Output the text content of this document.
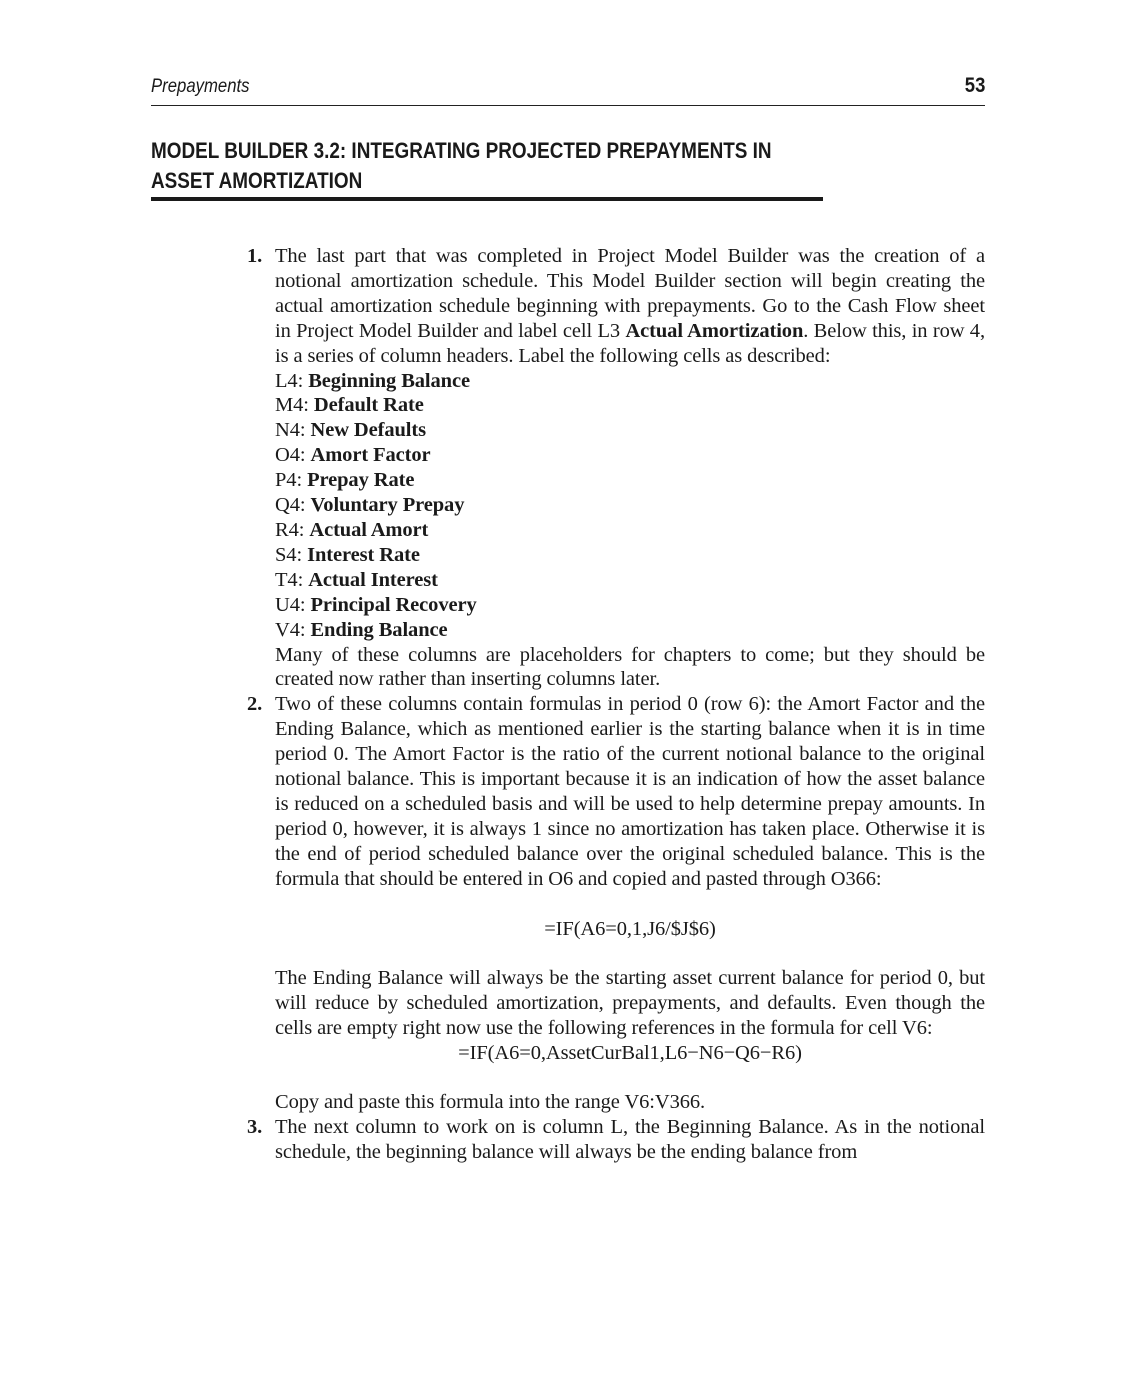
Prepayments	53
MODEL BUILDER 3.2: INTEGRATING PROJECTED PREPAYMENTS IN
ASSET AMORTIZATION
1. The last part that was completed in Project Model Builder was the creation of a notional amortization schedule. This Model Builder section will begin creating the actual amortization schedule beginning with prepayments. Go to the Cash Flow sheet in Project Model Builder and label cell L3 Actual Amortization. Below this, in row 4, is a series of column headers. Label the following cells as described:

L4: Beginning Balance

M4: Default Rate

N4: New Defaults

O4: Amort Factor

P4: Prepay Rate

Q4: Voluntary Prepay

R4: Actual Amort

S4: Interest Rate

T4: Actual Interest

U4: Principal Recovery

V4: Ending Balance

Many of these columns are placeholders for chapters to come; but they should be created now rather than inserting columns later.

2. Two of these columns contain formulas in period 0 (row 6): the Amort Factor and the Ending Balance, which as mentioned earlier is the starting balance when it is in time period 0. The Amort Factor is the ratio of the current notional balance to the original notional balance. This is important because it is an indication of how the asset balance is reduced on a scheduled basis and will be used to help determine prepay amounts. In period 0, however, it is always 1 since no amortization has taken place. Otherwise it is the end of period scheduled balance over the original scheduled balance. This is the formula that should be entered in O6 and copied and pasted through O366:

=IF(A6=0,1,J6/$J$6)

The Ending Balance will always be the starting asset current balance for period 0, but will reduce by scheduled amortization, prepayments, and defaults. Even though the cells are empty right now use the following references in the formula for cell V6:

=IF(A6=0,AssetCurBal1,L6−N6−Q6−R6)

Copy and paste this formula into the range V6:V366.

3. The next column to work on is column L, the Beginning Balance. As in the notional schedule, the beginning balance will always be the ending balance from
